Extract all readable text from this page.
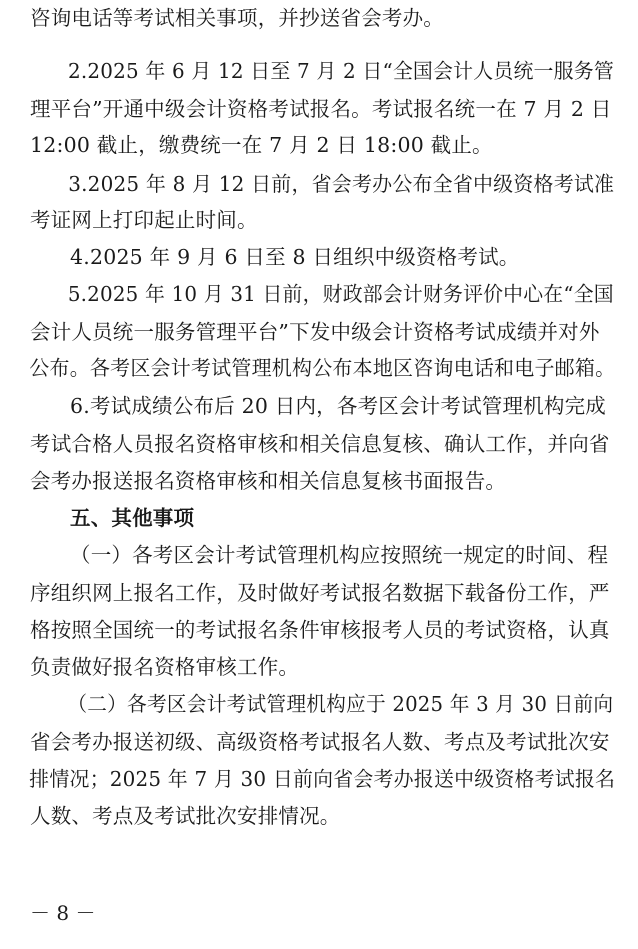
咨询电话等考试相关事项，并抄送省会考办。
2.2025 年 6 月 12 日至 7 月 2 日“全国会计人员统一服务管
理平台”开通中级会计资格考试报名。考试报名统一在 7 月 2 日
12:00 截止，缴费统一在 7 月 2 日 18:00 截止。
3.2025 年 8 月 12 日前，省会考办公布全省中级资格考试准
考证网上打印起止时间。
4.2025 年 9 月 6 日至 8 日组织中级资格考试。
5.2025 年 10 月 31 日前，财政部会计财务评价中心在“全国
会计人员统一服务管理平台”下发中级会计资格考试成绩并对外
公布。各考区会计考试管理机构公布本地区咨询电话和电子邮箱。
6.考试成绩公布后 20 日内，各考区会计考试管理机构完成
考试合格人员报名资格审核和相关信息复核、确认工作，并向省
会考办报送报名资格审核和相关信息复核书面报告。
五、其他事项
（一）各考区会计考试管理机构应按照统一规定的时间、程
序组织网上报名工作，及时做好考试报名数据下载备份工作，严
格按照全国统一的考试报名条件审核报考人员的考试资格，认真
负责做好报名资格审核工作。
（二）各考区会计考试管理机构应于 2025 年 3 月 30 日前向
省会考办报送初级、高级资格考试报名人数、考点及考试批次安
排情况；2025 年 7 月 30 日前向省会考办报送中级资格考试报名
人数、考点及考试批次安排情况。
－ 8 －
